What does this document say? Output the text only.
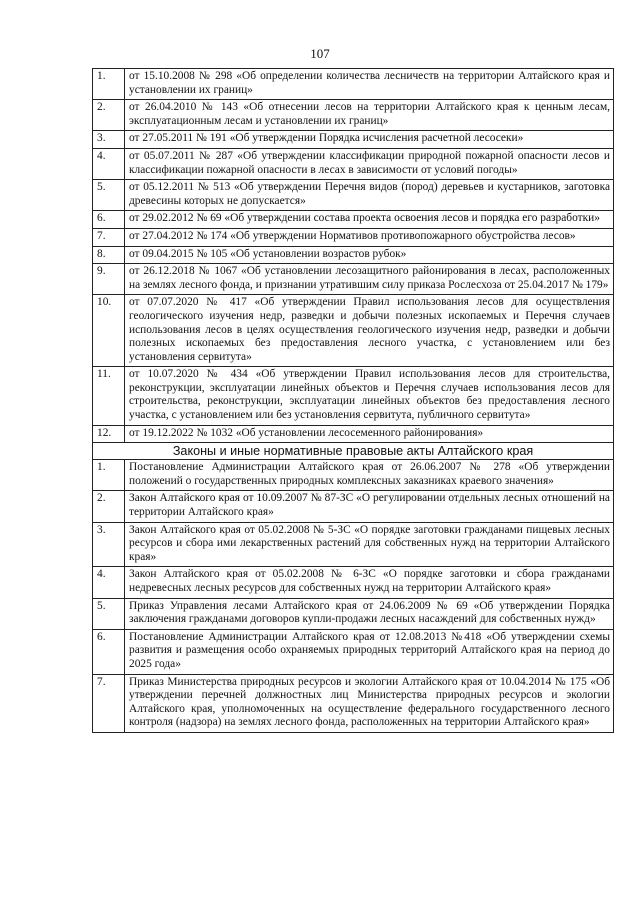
107
1.	от 15.10.2008 № 298 «Об определении количества лесничеств на территории Алтайского края и установлении их границ»
2.	от 26.04.2010 № 143 «Об отнесении лесов на территории Алтайского края к ценным лесам, эксплуатационным лесам и установлении их границ»
3.	от 27.05.2011 № 191 «Об утверждении Порядка исчисления расчетной лесосеки»
4.	от 05.07.2011 № 287 «Об утверждении классификации природной пожарной опасности лесов и классификации пожарной опасности в лесах в зависимости от условий погоды»
5.	от 05.12.2011 № 513 «Об утверждении Перечня видов (пород) деревьев и кустарников, заготовка древесины которых не допускается»
6.	от 29.02.2012 № 69 «Об утверждении состава проекта освоения лесов и порядка его разработки»
7.	от 27.04.2012 № 174 «Об утверждении Нормативов противопожарного обустройства лесов»
8.	от 09.04.2015 № 105 «Об установлении возрастов рубок»
9.	от 26.12.2018 № 1067 «Об установлении лесозащитного районирования в лесах, расположенных на землях лесного фонда, и признании утратившим силу приказа Рослесхоза от 25.04.2017 № 179»
10.	от 07.07.2020 № 417 «Об утверждении Правил использования лесов для осуществления геологического изучения недр, разведки и добычи полезных ископаемых и Перечня случаев использования лесов в целях осуществления геологического изучения недр, разведки и добычи полезных ископаемых без предоставления лесного участка, с установлением или без установления сервитута»
11.	от 10.07.2020 № 434 «Об утверждении Правил использования лесов для строительства, реконструкции, эксплуатации линейных объектов и Перечня случаев использования лесов для строительства, реконструкции, эксплуатации линейных объектов без предоставления лесного участка, с установлением или без установления сервитута, публичного сервитута»
12.	от 19.12.2022 № 1032 «Об установлении лесосеменного районирования»
Законы и иные нормативные правовые акты Алтайского края	
1.	Постановление Администрации Алтайского края от 26.06.2007 № 278 «Об утверждении положений о государственных природных комплексных заказниках краевого значения»
2.	Закон Алтайского края от 10.09.2007 № 87-ЗС «О регулировании отдельных лесных отношений на территории Алтайского края»
3.	Закон Алтайского края от 05.02.2008 № 5-ЗС «О порядке заготовки гражданами пищевых лесных ресурсов и сбора ими лекарственных растений для собственных нужд на территории Алтайского края»
4.	Закон Алтайского края от 05.02.2008 № 6-ЗС «О порядке заготовки и сбора гражданами недревесных лесных ресурсов для собственных нужд на территории Алтайского края»
5.	Приказ Управления лесами Алтайского края от 24.06.2009 № 69 «Об утверждении Порядка заключения гражданами договоров купли-продажи лесных насаждений для собственных нужд»
6.	Постановление Администрации Алтайского края от 12.08.2013 №418 «Об утверждении схемы развития и размещения особо охраняемых природных территорий Алтайского края на период до 2025 года»
7.	Приказ Министерства природных ресурсов и экологии Алтайского края от 10.04.2014 № 175 «Об утверждении перечней должностных лиц Министерства природных ресурсов и экологии Алтайского края, уполномоченных на осуществление федерального государственного лесного контроля (надзора) на землях лесного фонда, расположенных на территории Алтайского края»
